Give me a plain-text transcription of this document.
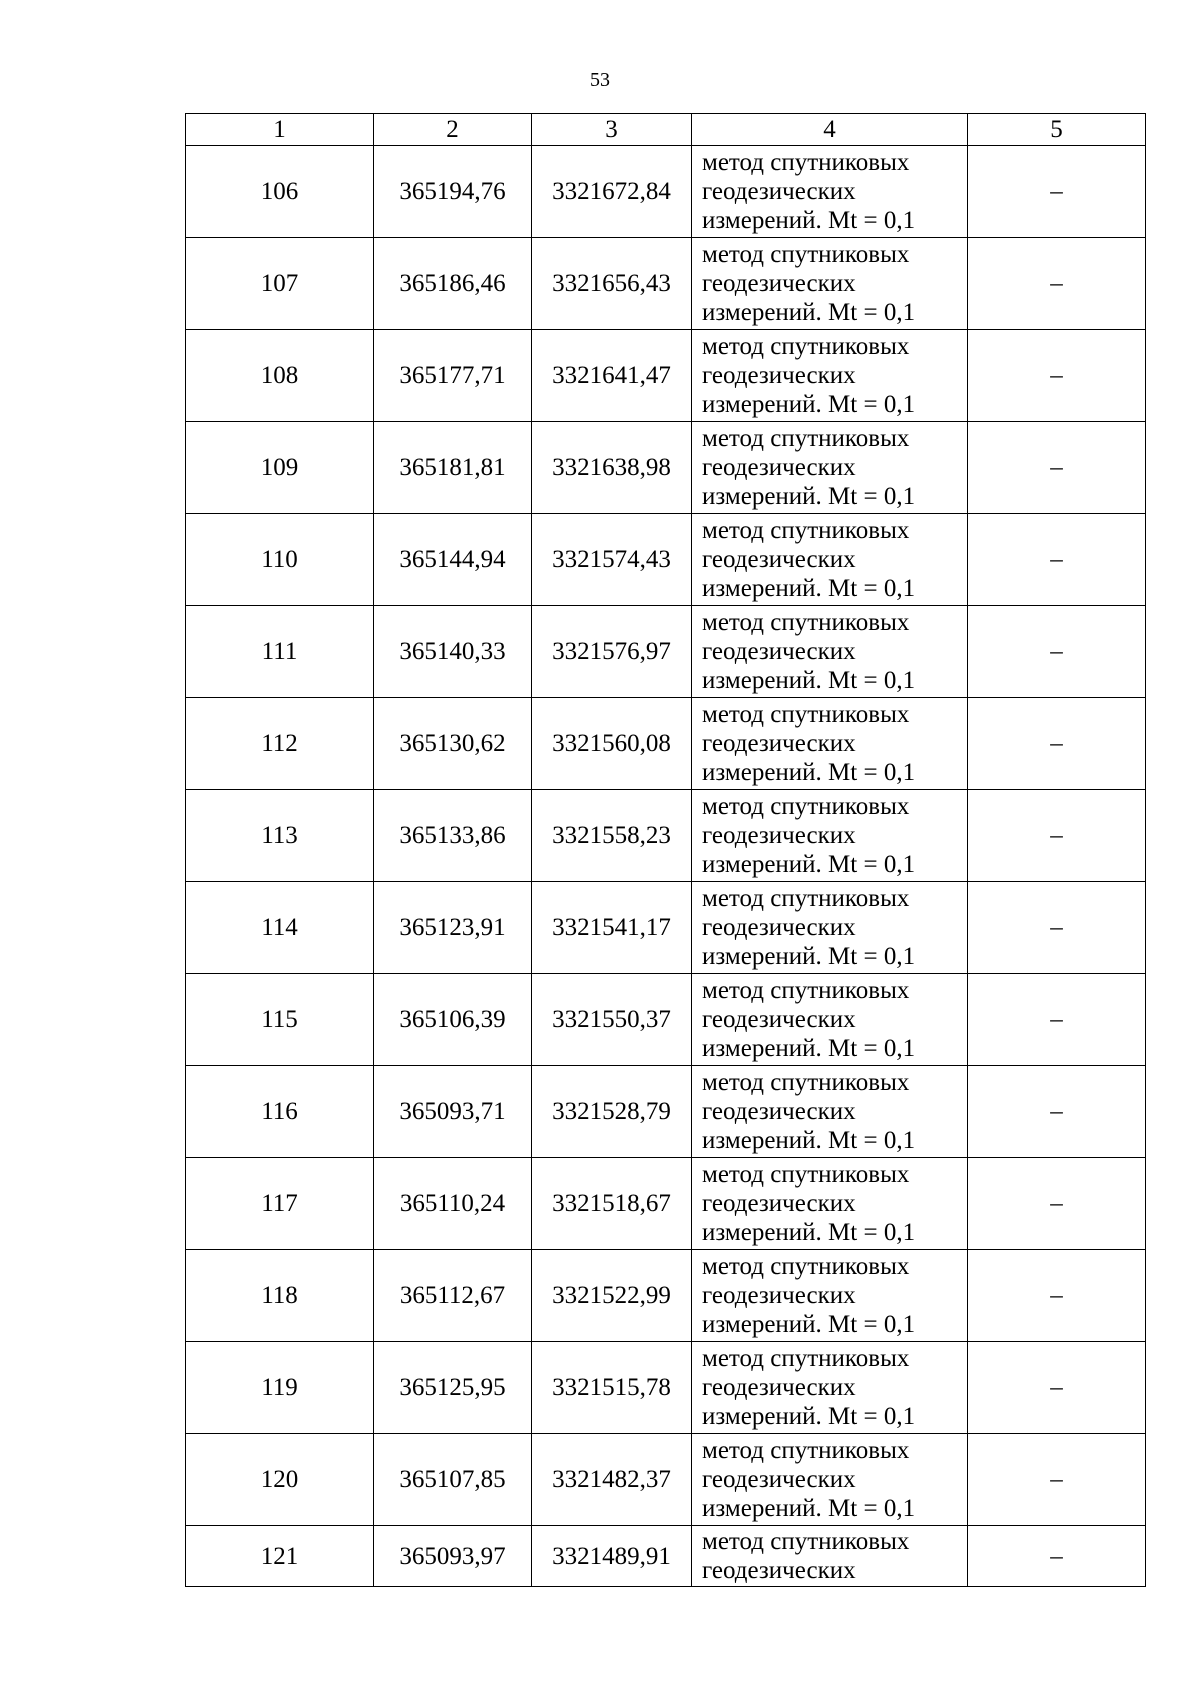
53
1	2	3	4	5
106	365194,76	3321672,84	метод спутниковых
геодезических
измерений. Mt = 0,1	–
107	365186,46	3321656,43	метод спутниковых
геодезических
измерений. Mt = 0,1	–
108	365177,71	3321641,47	метод спутниковых
геодезических
измерений. Mt = 0,1	–
109	365181,81	3321638,98	метод спутниковых
геодезических
измерений. Mt = 0,1	–
110	365144,94	3321574,43	метод спутниковых
геодезических
измерений. Mt = 0,1	–
111	365140,33	3321576,97	метод спутниковых
геодезических
измерений. Mt = 0,1	–
112	365130,62	3321560,08	метод спутниковых
геодезических
измерений. Mt = 0,1	–
113	365133,86	3321558,23	метод спутниковых
геодезических
измерений. Mt = 0,1	–
114	365123,91	3321541,17	метод спутниковых
геодезических
измерений. Mt = 0,1	–
115	365106,39	3321550,37	метод спутниковых
геодезических
измерений. Mt = 0,1	–
116	365093,71	3321528,79	метод спутниковых
геодезических
измерений. Mt = 0,1	–
117	365110,24	3321518,67	метод спутниковых
геодезических
измерений. Mt = 0,1	–
118	365112,67	3321522,99	метод спутниковых
геодезических
измерений. Mt = 0,1	–
119	365125,95	3321515,78	метод спутниковых
геодезических
измерений. Mt = 0,1	–
120	365107,85	3321482,37	метод спутниковых
геодезических
измерений. Mt = 0,1	–
121	365093,97	3321489,91	метод спутниковых
геодезических	–
